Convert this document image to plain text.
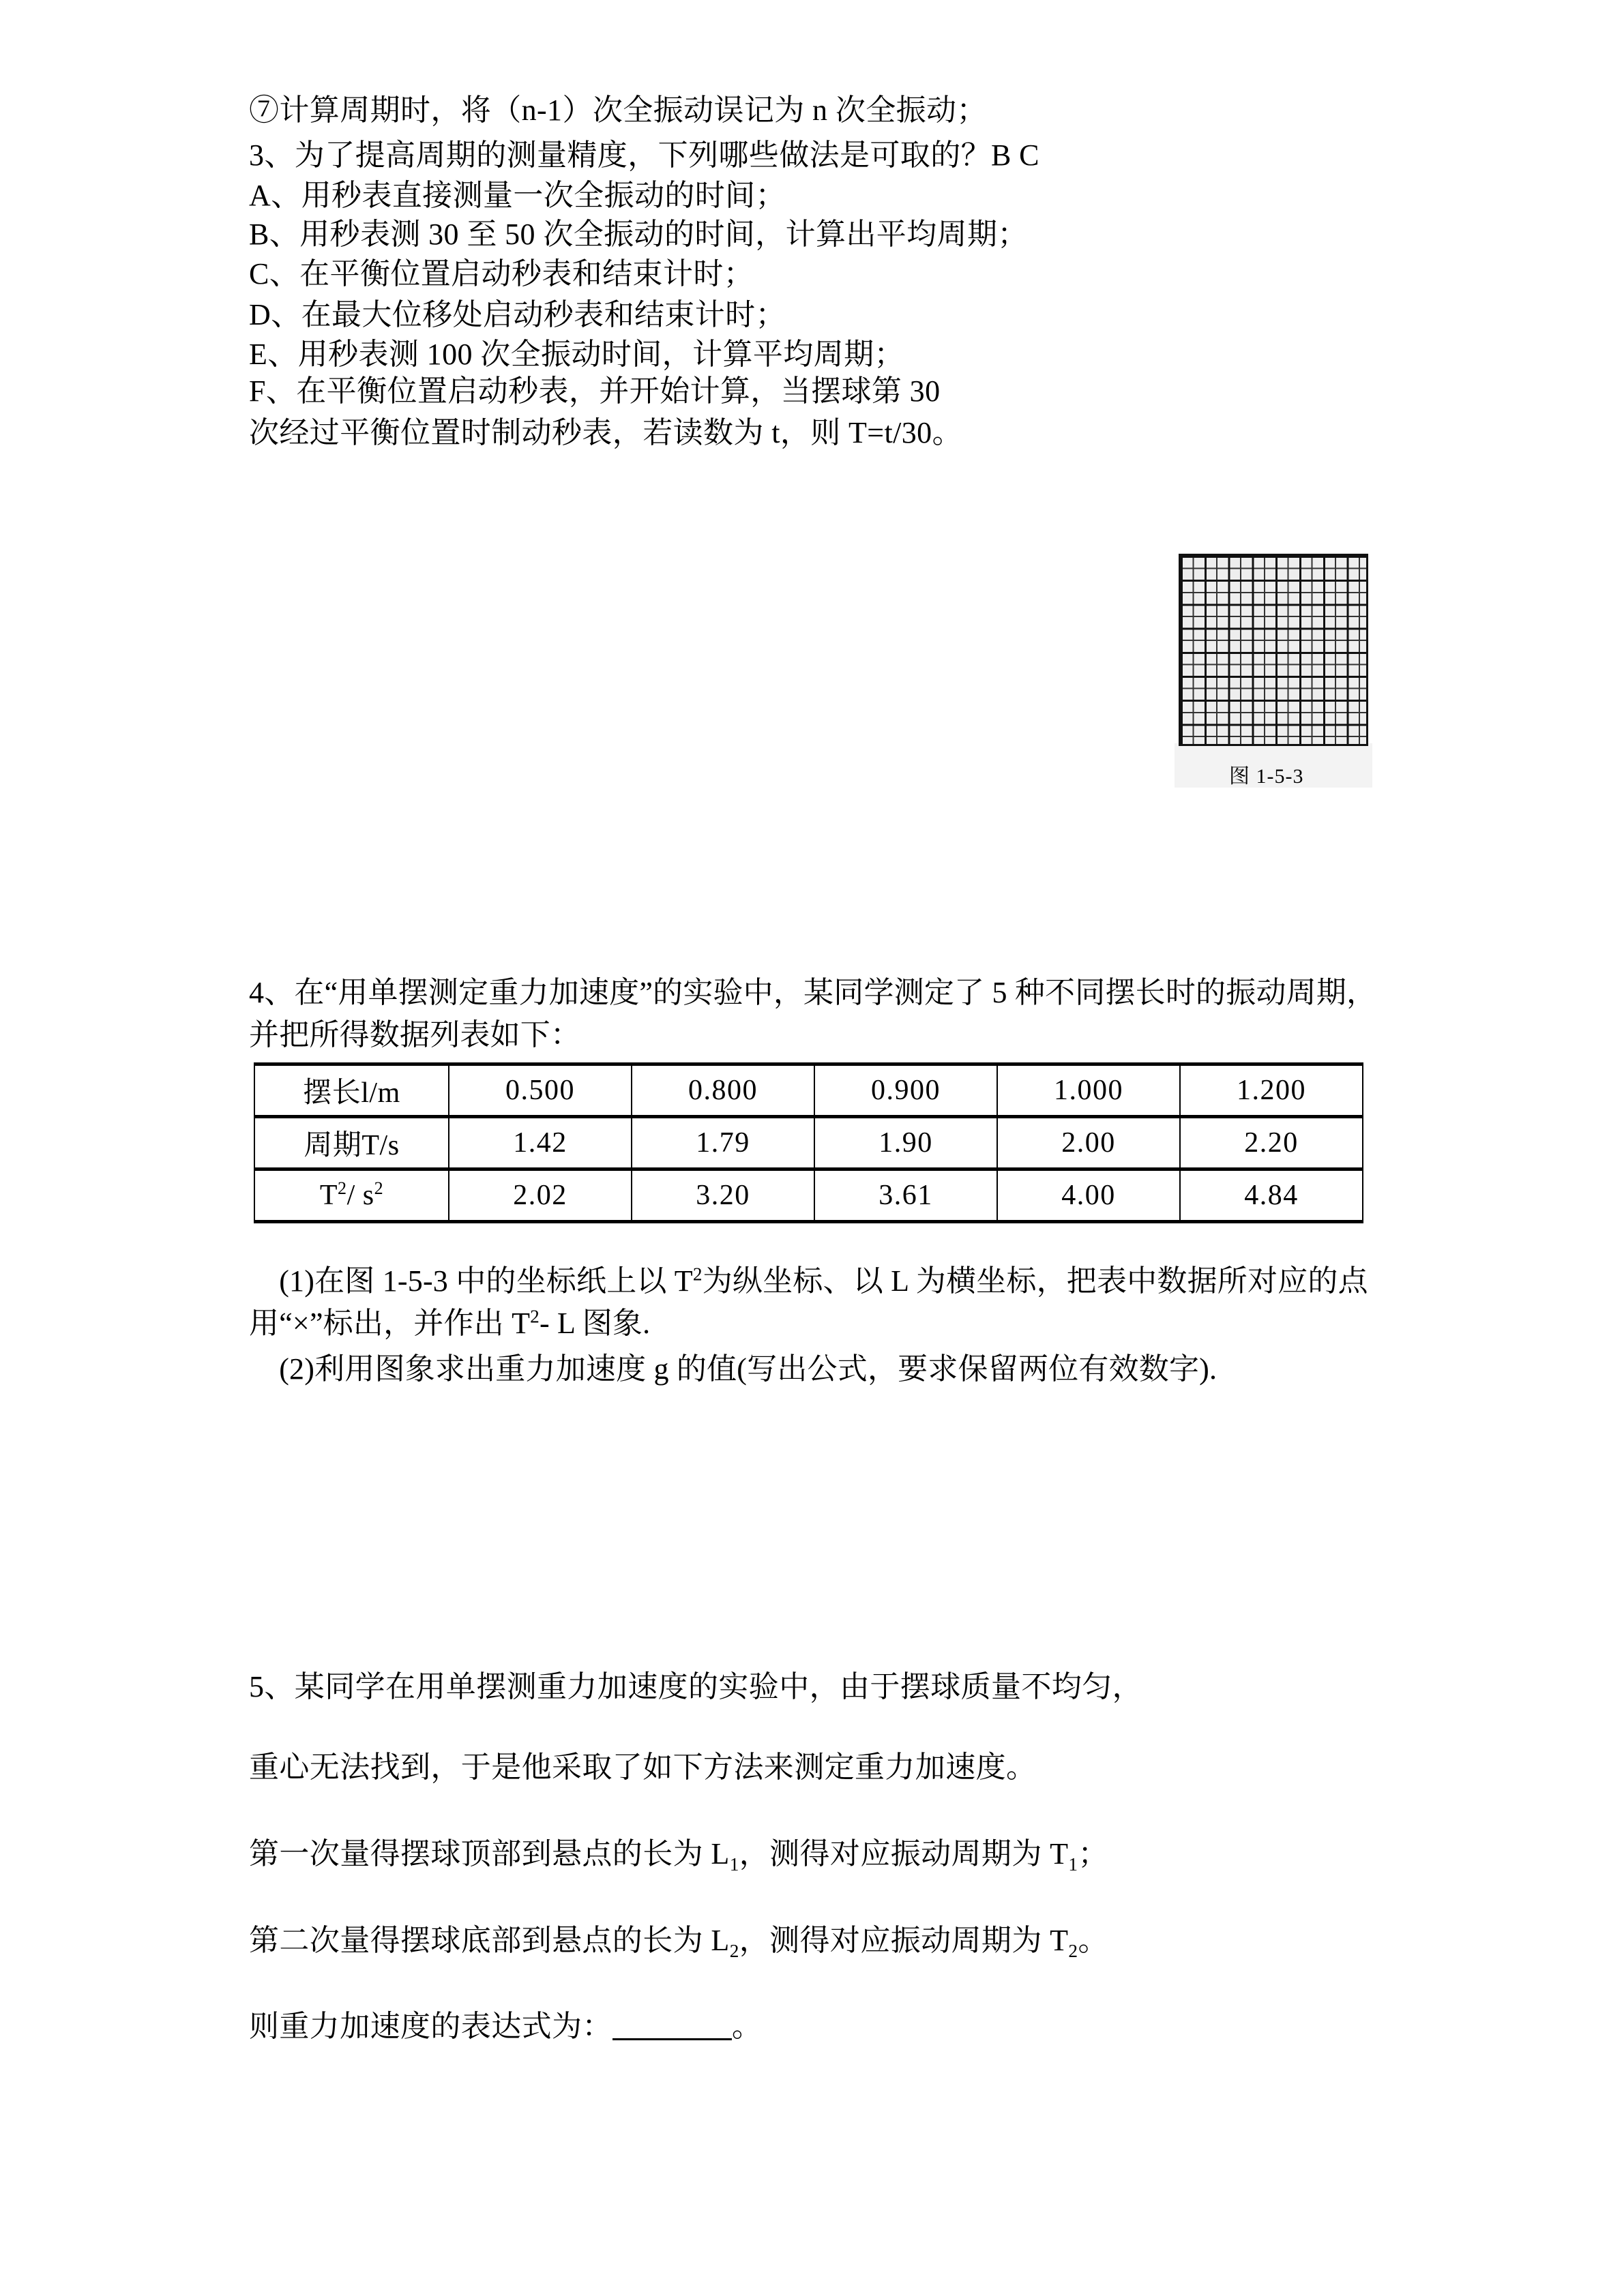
⑦计算周期时，将（n-1）次全振动误记为 n 次全振动；
3、为了提高周期的测量精度，下列哪些做法是可取的？B C
A、用秒表直接测量一次全振动的时间；
B、用秒表测 30 至 50 次全振动的时间，计算出平均周期；
C、在平衡位置启动秒表和结束计时；
D、在最大位移处启动秒表和结束计时；
E、用秒表测 100 次全振动时间，计算平均周期；
F、在平衡位置启动秒表，并开始计算，当摆球第 30
次经过平衡位置时制动秒表，若读数为 t，则 T=t/30。
图 1-5-3
4、在“用单摆测定重力加速度”的实验中，某同学测定了 5 种不同摆长时的振动周期，并把所得数据列表如下：
摆长l/m	0.500	0.800	0.900	1.000	1.200
周期T/s	1.42	1.79	1.90	2.00	2.20
$T^2/$ $s^2$	2.02	3.20	3.61	4.00	4.84
　(1)在图 1-5-3 中的坐标纸上以 $T^2$为纵坐标、以 L 为横坐标，把表中数据所对应的点用“×”标出，并作出 $T^2-$ L 图象.
　(2)利用图象求出重力加速度 g 的值(写出公式，要求保留两位有效数字).
5、某同学在用单摆测重力加速度的实验中，由于摆球质量不均匀，
重心无法找到，于是他采取了如下方法来测定重力加速度。
第一次量得摆球顶部到悬点的长为 $L_1$，测得对应振动周期为 $T_1$；
第二次量得摆球底部到悬点的长为 $L_2$，测得对应振动周期为 $T_2$。
则重力加速度的表达式为：	。
